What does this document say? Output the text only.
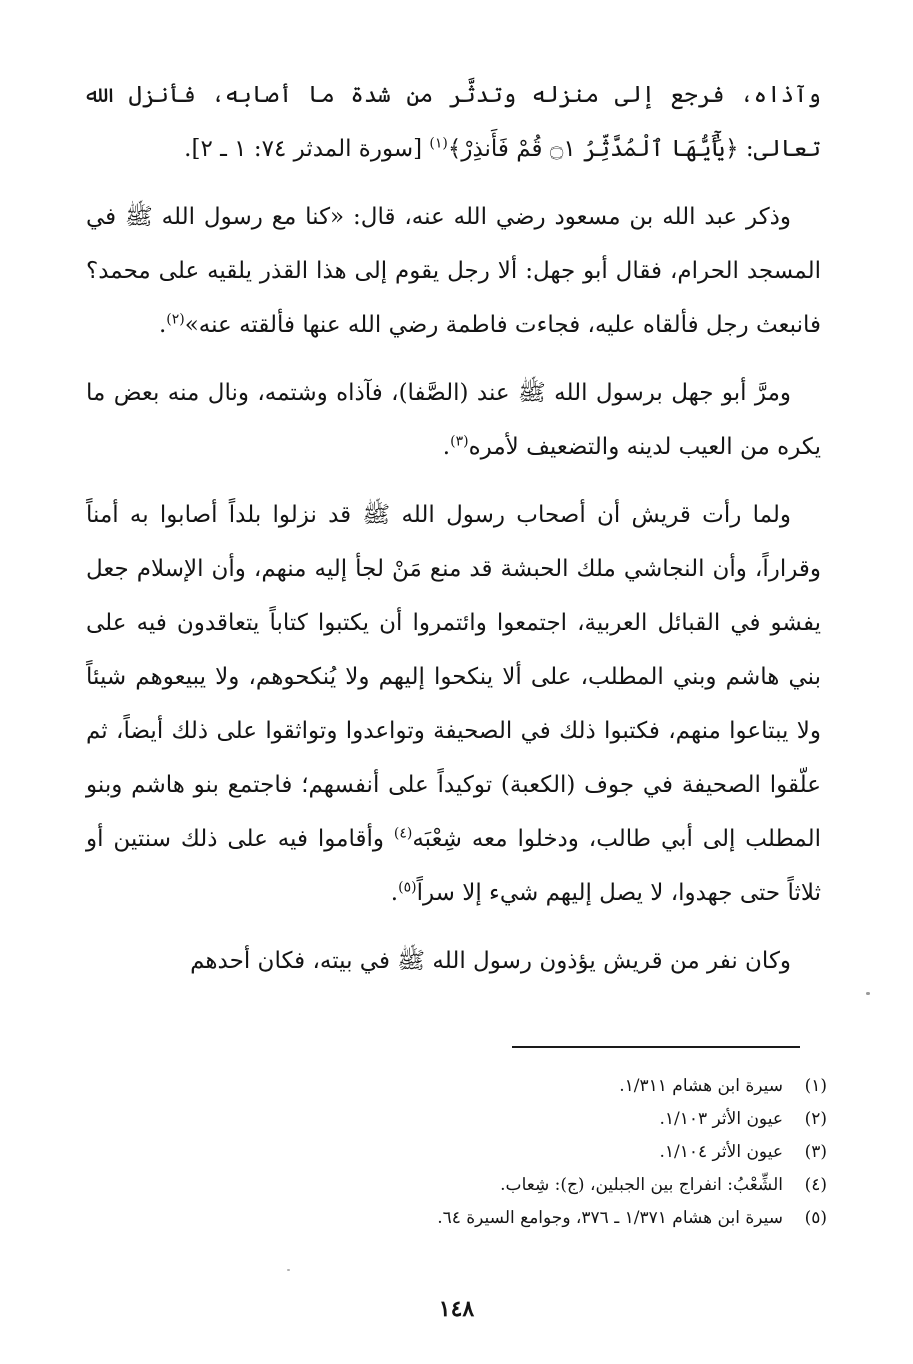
وآذاه، فرجع إلى منزله وتدثَّر من شدة ما أصابه، فأنزل الله تعالى: ﴿يَٰٓأَيُّهَا ٱلْمُدَّثِّرُ ۝١ قُمْ فَأَنذِرْ﴾$^{(١)}$ [سورة المدثر ٧٤: ١ ـ ٢].

وذكر عبد الله بن مسعود رضي الله عنه، قال: «كنا مع رسول الله ﷺ في المسجد الحرام، فقال أبو جهل: ألا رجل يقوم إلى هذا القذر يلقيه على محمد؟ فانبعث رجل فألقاه عليه، فجاءت فاطمة رضي الله عنها فألقته عنه»$^{(٢)}$.

ومرَّ أبو جهل برسول الله ﷺ عند (الصَّفا)، فآذاه وشتمه، ونال منه بعض ما يكره من العيب لدينه والتضعيف لأمره$^{(٣)}$.

ولما رأت قريش أن أصحاب رسول الله ﷺ قد نزلوا بلداً أصابوا به أمناً وقراراً، وأن النجاشي ملك الحبشة قد منع مَنْ لجأ إليه منهم، وأن الإسلام جعل يفشو في القبائل العربية، اجتمعوا وائتمروا أن يكتبوا كتاباً يتعاقدون فيه على بني هاشم وبني المطلب، على ألا ينكحوا إليهم ولا يُنكحوهم، ولا يبيعوهم شيئاً ولا يبتاعوا منهم، فكتبوا ذلك في الصحيفة وتواعدوا وتواثقوا على ذلك أيضاً، ثم علّقوا الصحيفة في جوف (الكعبة) توكيداً على أنفسهم؛ فاجتمع بنو هاشم وبنو المطلب إلى أبي طالب، ودخلوا معه شِعْبَه$^{(٤)}$ وأقاموا فيه على ذلك سنتين أو ثلاثاً حتى جهدوا، لا يصل إليهم شيء إلا سراً$^{(٥)}$.

وكان نفر من قريش يؤذون رسول الله ﷺ في بيته، فكان أحدهم

(١)
سيرة ابن هشام ١/٣١١.
(٢)
عيون الأثر ١/١٠٣.
(٣)
عيون الأثر ١/١٠٤.
(٤)
الشِّعْبُ: انفراج بين الجبلين، (ج): شِعاب.
(٥)
سيرة ابن هشام ١/٣٧١ ـ ٣٧٦، وجوامع السيرة ٦٤.
١٤٨
